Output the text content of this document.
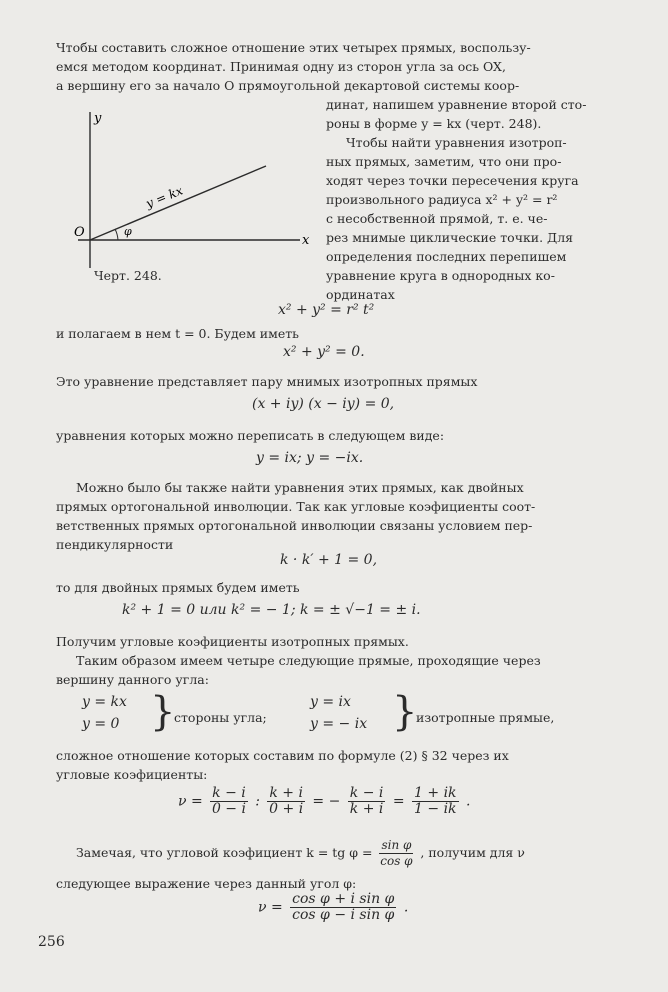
Чтобы составить сложное отношение этих четырех прямых, воспользу-
емся методом координат. Принимая одну из сторон угла за ось OX,
а вершину его за начало O прямоугольной декартовой системы коор-
динат, напишем уравнение второй сто-
роны в форме y = kx (черт. 248).
y
x
O
y = kx
φ
Черт. 248.
Чтобы найти уравнения изотроп-
ных прямых, заметим, что они про-
ходят через точки пересечения круга
произвольного радиуса x² + y² = r²
с несобственной прямой, т. е. че-
рез мнимые циклические точки. Для
определения последних перепишем
уравнение круга в однородных ко-
ординатах
x² + y² = r² t²
и полагаем в нем t = 0. Будем иметь
x² + y² = 0.
Это уравнение представляет пару мнимых изотропных прямых
(x + iy) (x − iy) = 0,
уравнения которых можно переписать в следующем виде:
y = ix; y = −ix.
Можно было бы также найти уравнения этих прямых, как двойных
прямых ортогональной инволюции. Так как угловые коэфициенты соот-
ветственных прямых ортогональной инволюции связаны условием пер-
пендикулярности
k · k′ + 1 = 0,
то для двойных прямых будем иметь
k² + 1 = 0 или k² = − 1; k = ± √−1 = ± i.
Получим угловые коэфициенты изотропных прямых.
Таким образом имеем четыре следующие прямые, проходящие через
вершину данного угла:
y = kx
y = 0 }
стороны угла;
y = ix
y = − ix }
изотропные прямые,
сложное отношение которых составим по формуле (2) § 32 через их
угловые коэфициенты:
$\nu = \frac{k - i}{0 - i}$ : $\frac{k + i}{0 + i}$ = − $\frac{k - i}{k + i} = \frac{1 + ik}{1 - ik}$ .
Замечая, что угловой коэфициент k = tg $\varphi = \frac{\text{sin φ}}{\text{cos φ}}$ , получим для ν
следующее выражение через данный угол φ:
$\nu = \frac{\text{cos φ + i sin φ}}{\text{cos φ − i sin φ}}$ .
256
